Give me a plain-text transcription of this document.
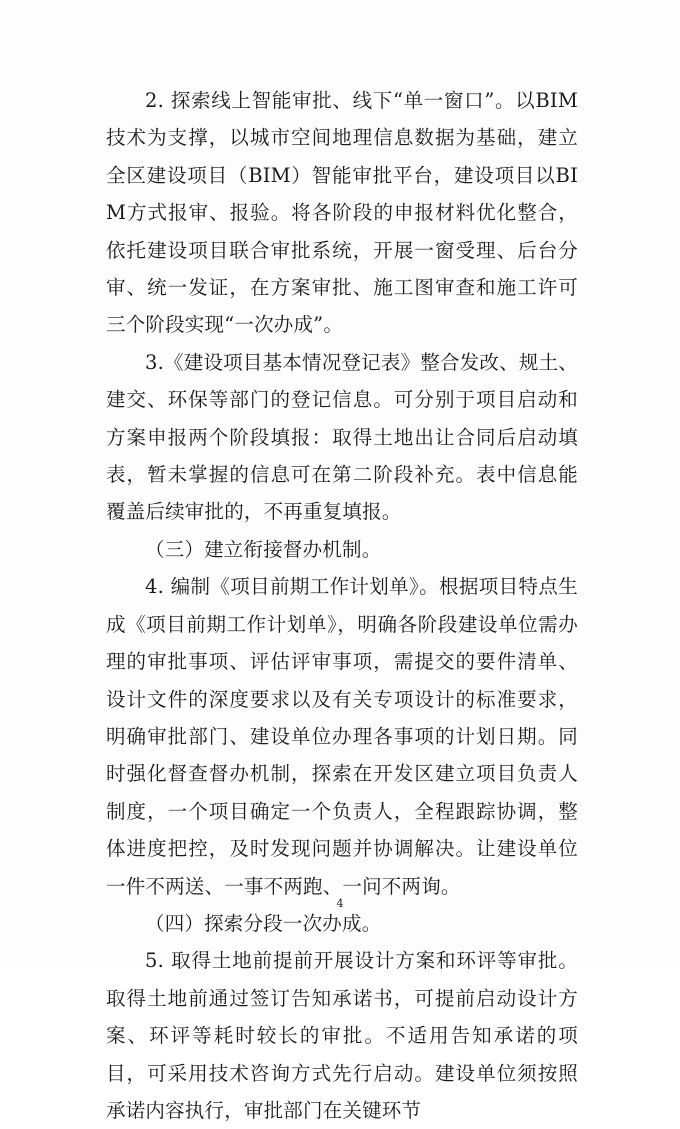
2. 探索线上智能审批、线下“单一窗口”。以BIM技术为支撑，以城市空间地理信息数据为基础，建立全区建设项目（BIM）智能审批平台，建设项目以BIM方式报审、报验。将各阶段的申报材料优化整合，依托建设项目联合审批系统，开展一窗受理、后台分审、统一发证，在方案审批、施工图审查和施工许可三个阶段实现“一次办成”。

3.《建设项目基本情况登记表》整合发改、规土、建交、环保等部门的登记信息。可分别于项目启动和方案申报两个阶段填报：取得土地出让合同后启动填表，暂未掌握的信息可在第二阶段补充。表中信息能覆盖后续审批的，不再重复填报。

（三）建立衔接督办机制。

4. 编制《项目前期工作计划单》。根据项目特点生成《项目前期工作计划单》，明确各阶段建设单位需办理的审批事项、评估评审事项，需提交的要件清单、设计文件的深度要求以及有关专项设计的标准要求，明确审批部门、建设单位办理各事项的计划日期。同时强化督查督办机制，探索在开发区建立项目负责人制度，一个项目确定一个负责人，全程跟踪协调，整体进度把控，及时发现问题并协调解决。让建设单位一件不两送、一事不两跑、一问不两询。

（四）探索分段一次办成。

5. 取得土地前提前开展设计方案和环评等审批。取得土地前通过签订告知承诺书，可提前启动设计方案、环评等耗时较长的审批。不适用告知承诺的项目，可采用技术咨询方式先行启动。建设单位须按照承诺内容执行，审批部门在关键环节

4
